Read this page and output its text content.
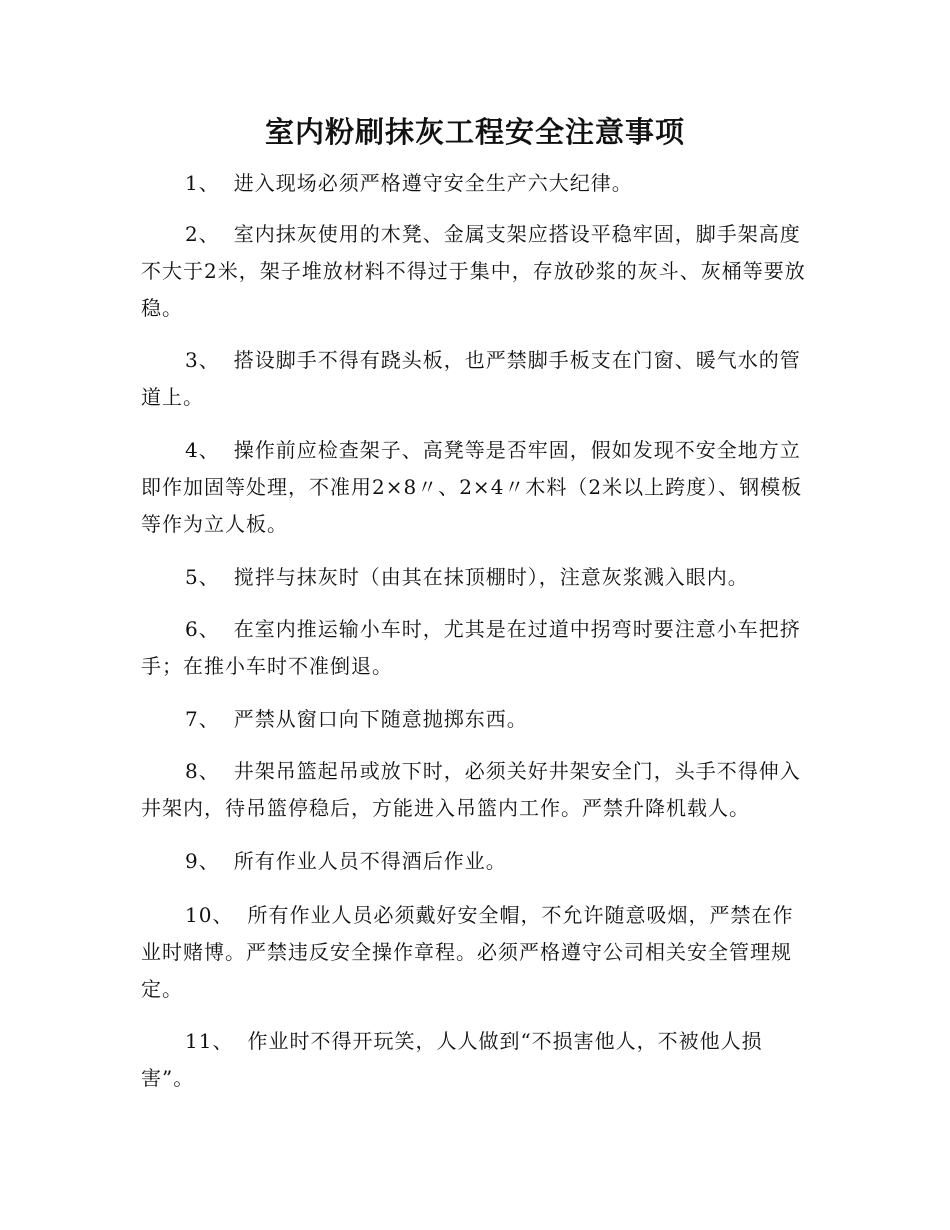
室内粉刷抹灰工程安全注意事项

1、 进入现场必须严格遵守安全生产六大纪律。

2、 室内抹灰使用的木凳、金属支架应搭设平稳牢固，脚手架高度不大于2米，架子堆放材料不得过于集中，存放砂浆的灰斗、灰桶等要放稳。

3、 搭设脚手不得有跷头板，也严禁脚手板支在门窗、暖气水的管道上。

4、 操作前应检查架子、高凳等是否牢固，假如发现不安全地方立即作加固等处理，不准用2×8〃、2×4〃木料（2米以上跨度）、钢模板等作为立人板。

5、 搅拌与抹灰时（由其在抹顶棚时），注意灰浆溅入眼内。

6、 在室内推运输小车时，尤其是在过道中拐弯时要注意小车把挤手；在推小车时不准倒退。

7、 严禁从窗口向下随意抛掷东西。

8、 井架吊篮起吊或放下时，必须关好井架安全门，头手不得伸入井架内，待吊篮停稳后，方能进入吊篮内工作。严禁升降机载人。

9、 所有作业人员不得酒后作业。

10、 所有作业人员必须戴好安全帽，不允许随意吸烟，严禁在作业时赌博。严禁违反安全操作章程。必须严格遵守公司相关安全管理规定。

11、 作业时不得开玩笑，人人做到“不损害他人，不被他人损害”。
